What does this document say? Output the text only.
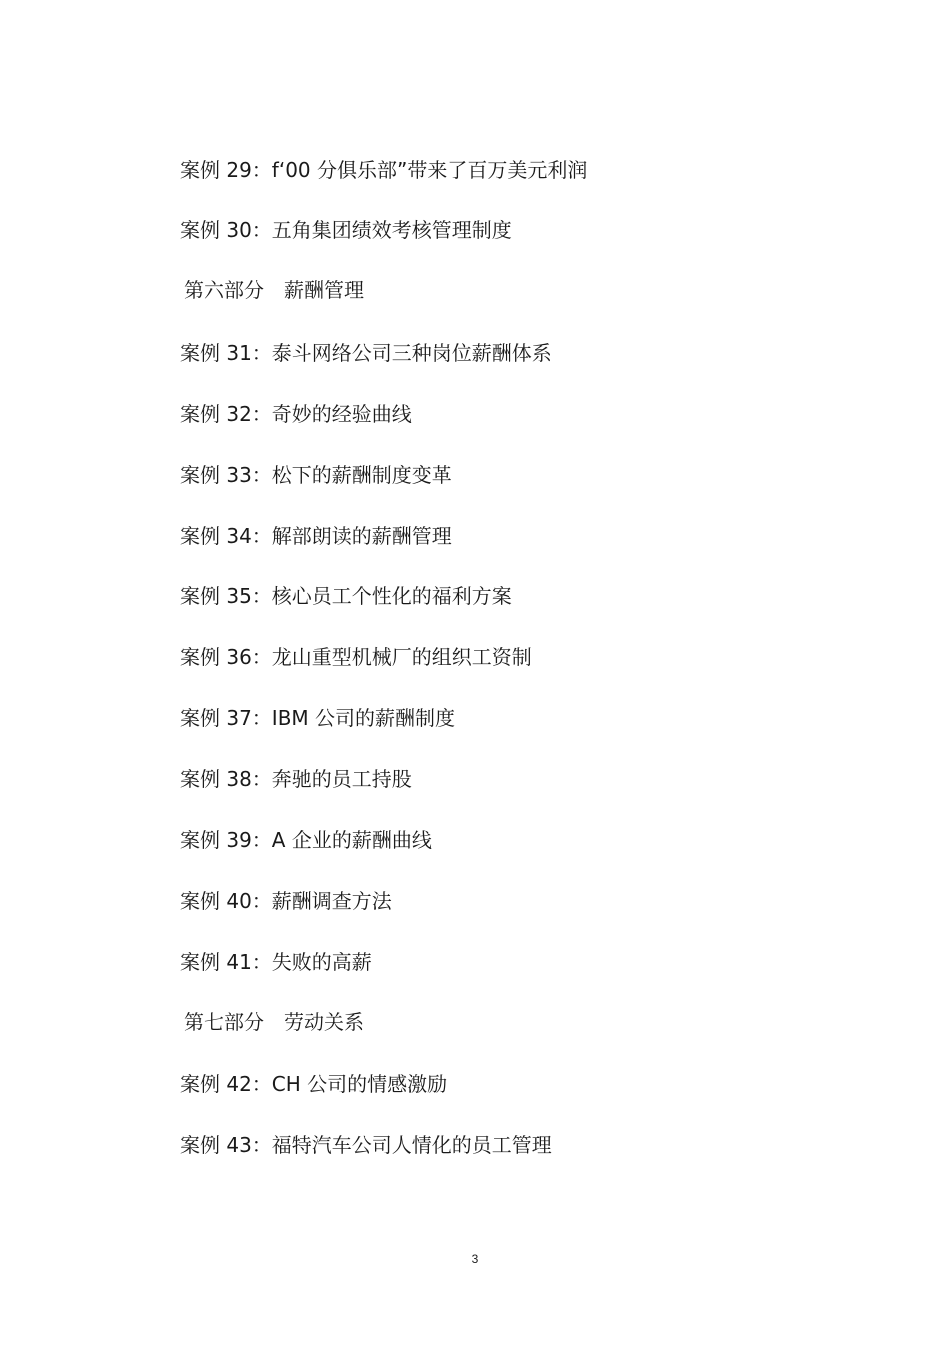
案例 29：f‘00 分俱乐部”带来了百万美元利润
案例 30：五角集团绩效考核管理制度
第六部分　薪酬管理
案例 31：泰斗网络公司三种岗位薪酬体系
案例 32：奇妙的经验曲线
案例 33：松下的薪酬制度变革
案例 34：解部朗读的薪酬管理
案例 35：核心员工个性化的福利方案
案例 36：龙山重型机械厂的组织工资制
案例 37：IBM 公司的薪酬制度
案例 38：奔驰的员工持股
案例 39：A 企业的薪酬曲线
案例 40：薪酬调查方法
案例 41：失败的高薪
第七部分　劳动关系
案例 42：CH 公司的情感激励
案例 43：福特汽车公司人情化的员工管理
3
